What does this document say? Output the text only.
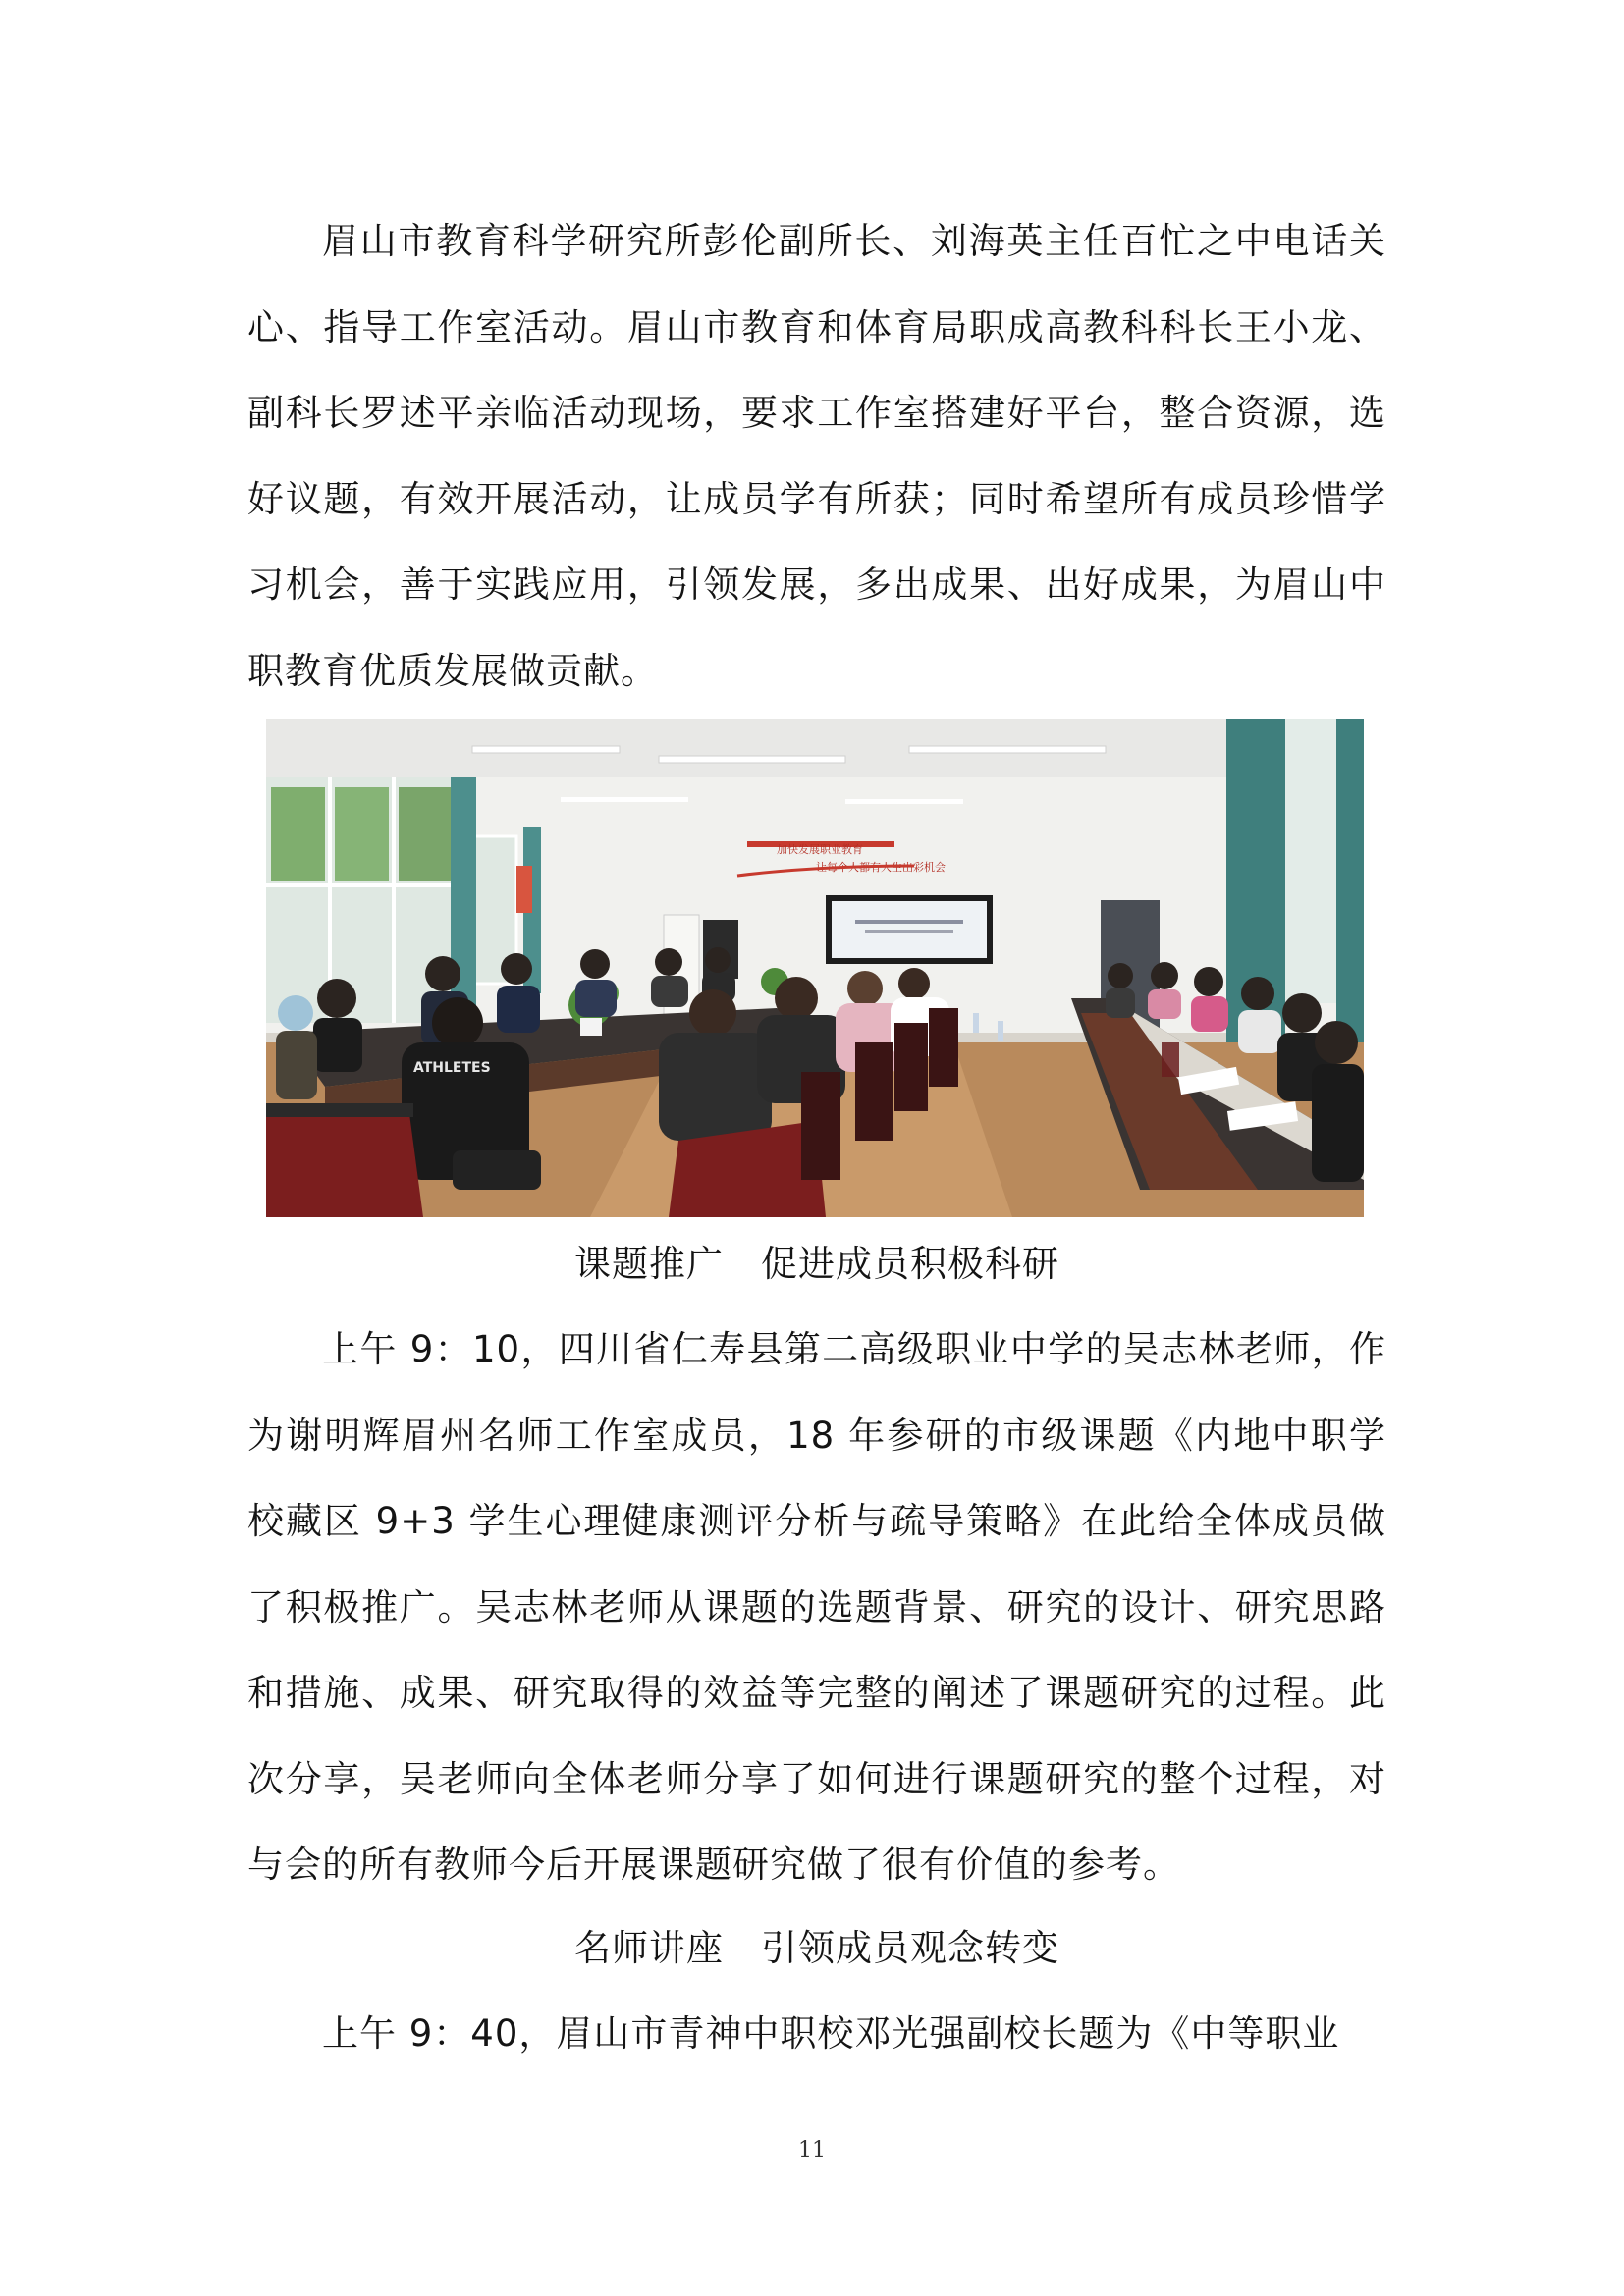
眉山市教育科学研究所彭伦副所长、刘海英主任百忙之中电话关心、指导工作室活动。眉山市教育和体育局职成高教科科长王小龙、副科长罗述平亲临活动现场，要求工作室搭建好平台，整合资源，选好议题，有效开展活动，让成员学有所获；同时希望所有成员珍惜学习机会，善于实践应用，引领发展，多出成果、出好成果，为眉山中职教育优质发展做贡献。

加快发展职业教育
让每个人都有人生出彩机会
ATHLETES

课题推广　促进成员积极科研

上午 9：10，四川省仁寿县第二高级职业中学的吴志林老师，作为谢明辉眉州名师工作室成员，18 年参研的市级课题《内地中职学校藏区 9+3 学生心理健康测评分析与疏导策略》在此给全体成员做了积极推广。吴志林老师从课题的选题背景、研究的设计、研究思路和措施、成果、研究取得的效益等完整的阐述了课题研究的过程。此次分享，吴老师向全体老师分享了如何进行课题研究的整个过程，对与会的所有教师今后开展课题研究做了很有价值的参考。

名师讲座　引领成员观念转变

上午 9：40，眉山市青神中职校邓光强副校长题为《中等职业

11
